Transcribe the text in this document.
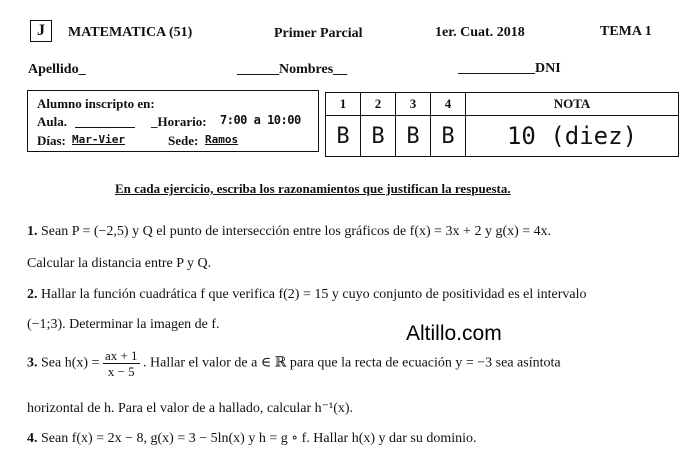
J	MATEMATICA (51)	Primer Parcial	1er. Cuat. 2018	TEMA 1
Apellido_	______Nombres__	___________DNI
Alumno inscripto en:
Aula.	_Horario: 7:00 a 10:00
Días: Mar-Vier	Sede: Ramos
1	2	3	4	NOTA
B	B	B	B	10 (diez)
En cada ejercicio, escriba los razonamientos que justifican la respuesta.
1. Sean P = (−2,5) y Q el punto de intersección entre los gráficos de f(x) = 3x + 2 y g(x) = 4x.
Calcular la distancia entre P y Q.
2. Hallar la función cuadrática f que verifica f(2) = 15 y cuyo conjunto de positividad es el intervalo
(−1;3). Determinar la imagen de f.	Altillo.com
3. Sea $h(x) = \frac{ax + 1}{x - 5}$ . Hallar el valor de a ∈ ℝ para que la recta de ecuación y = −3 sea asíntota
horizontal de h. Para el valor de a hallado, calcular h⁻¹(x).
4. Sean f(x) = 2x − 8, g(x) = 3 − 5ln(x) y h = g ∘ f. Hallar h(x) y dar su dominio.
